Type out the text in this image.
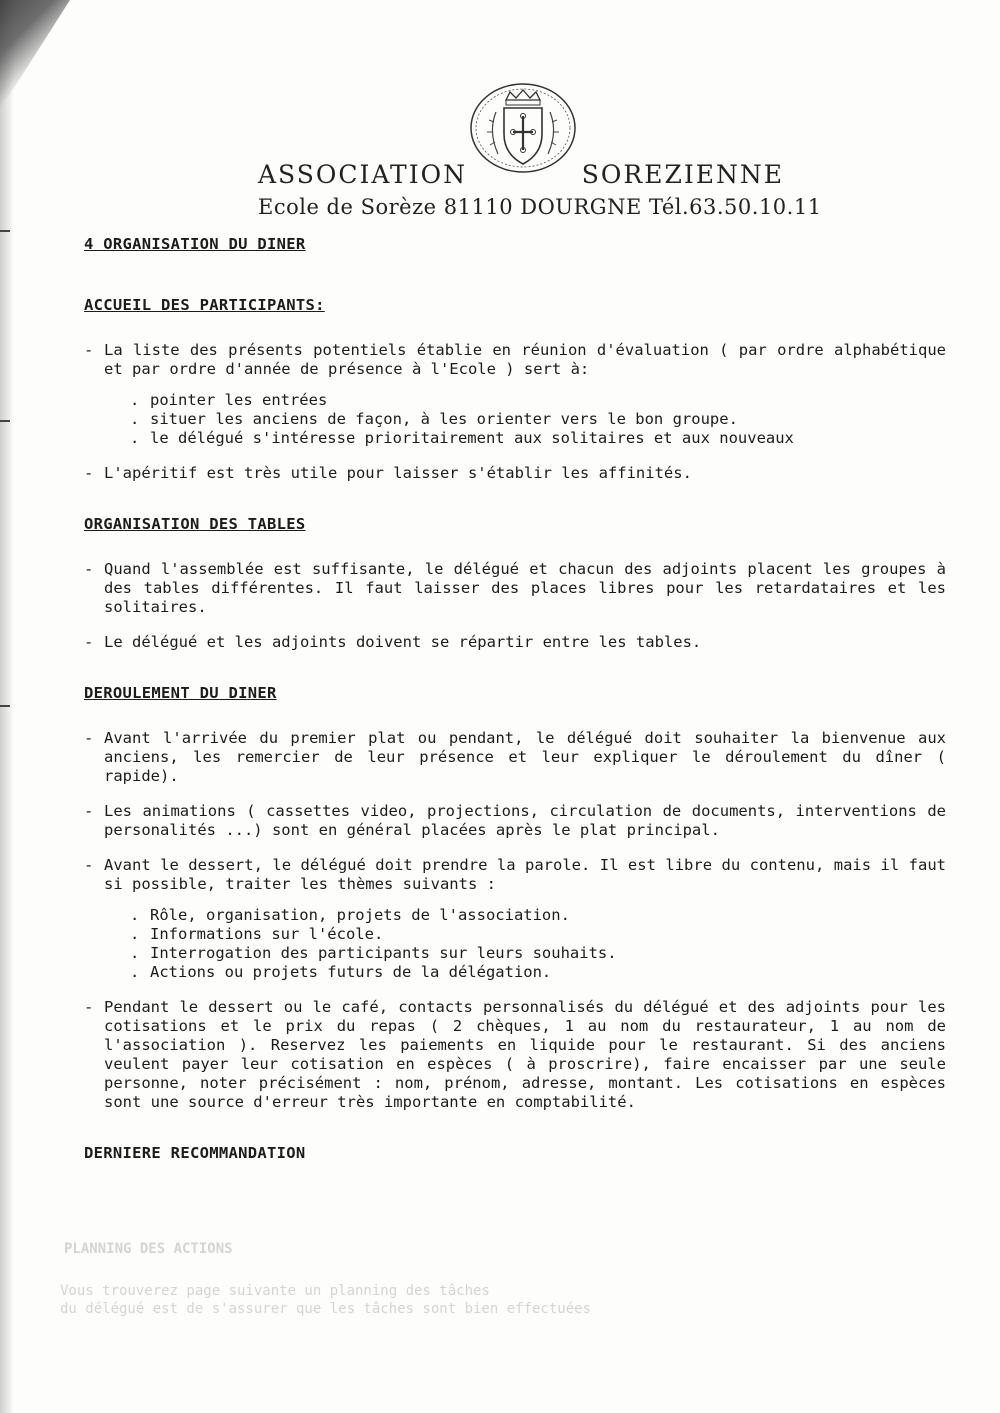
ASSOCIATION	SOREZIENNE
Ecole de Sorèze 81110 DOURGNE Tél.63.50.10.11
4 ORGANISATION DU DINER
ACCUEIL DES PARTICIPANTS:
- La liste des présents potentiels établie en réunion d'évaluation ( par ordre alphabétique et par ordre d'année de présence à l'Ecole ) sert à:
. pointer les entrées
. situer les anciens de façon, à les orienter vers le bon groupe.
. le délégué s'intéresse prioritairement aux solitaires et aux nouveaux
- L'apéritif est très utile pour laisser s'établir les affinités.
ORGANISATION DES TABLES
- Quand l'assemblée est suffisante, le délégué et chacun des adjoints placent les groupes à des tables différentes. Il faut laisser des places libres pour les retardataires et les solitaires.
- Le délégué et les adjoints doivent se répartir entre les tables.
DEROULEMENT DU DINER
- Avant l'arrivée du premier plat ou pendant, le délégué doit souhaiter la bienvenue aux anciens, les remercier de leur présence et leur expliquer le déroulement du dîner ( rapide).
- Les animations ( cassettes video, projections, circulation de documents, interventions de personalités ...) sont en général placées après le plat principal.
- Avant le dessert, le délégué doit prendre la parole. Il est libre du contenu, mais il faut si possible, traiter les thèmes suivants :
. Rôle, organisation, projets de l'association.
. Informations sur l'école.
. Interrogation des participants sur leurs souhaits.
. Actions ou projets futurs de la délégation.
- Pendant le dessert ou le café, contacts personnalisés du délégué et des adjoints pour les cotisations et le prix du repas ( 2 chèques, 1 au nom du restaurateur, 1 au nom de l'association ). Reservez les paiements en liquide pour le restaurant. Si des anciens veulent payer leur cotisation en espèces ( à proscrire), faire encaisser par une seule personne, noter précisément : nom, prénom, adresse, montant. Les cotisations en espèces sont une source d'erreur très importante en comptabilité.
DERNIERE RECOMMANDATION
PLANNING DES ACTIONS
Vous trouverez page suivante un planning des tâches
du délégué est de s'assurer que les tâches sont bien effectuées
